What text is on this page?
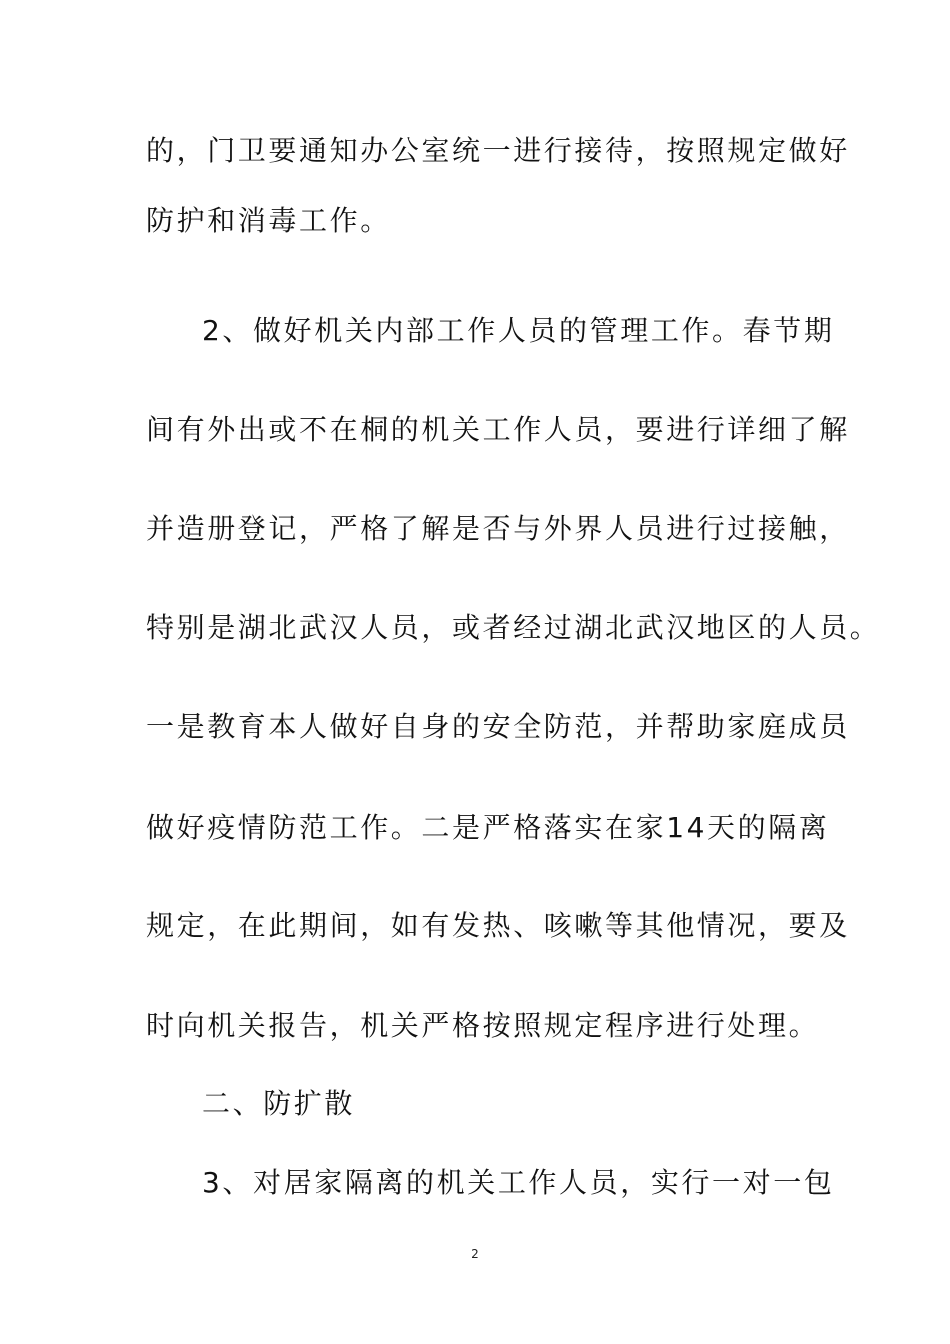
的，门卫要通知办公室统一进行接待，按照规定做好
防护和消毒工作。
2、做好机关内部工作人员的管理工作。春节期
间有外出或不在桐的机关工作人员，要进行详细了解
并造册登记，严格了解是否与外界人员进行过接触，
特别是湖北武汉人员，或者经过湖北武汉地区的人员。
一是教育本人做好自身的安全防范，并帮助家庭成员
做好疫情防范工作。二是严格落实在家14天的隔离
规定，在此期间，如有发热、咳嗽等其他情况，要及
时向机关报告，机关严格按照规定程序进行处理。
二、防扩散
3、对居家隔离的机关工作人员，实行一对一包
2
